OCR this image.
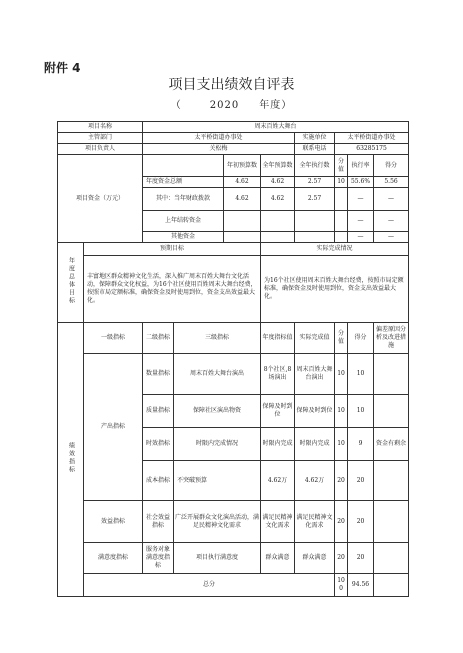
附件 4
项目支出绩效自评表
（	2020 年度）
项目名称		周末百姓大舞台							
主管部门		太平桥街道办事处				实施单位	太平桥街道办事处		
项目负责人		关松梅				联系电话	63285175		
项目资金（万元）				年初预算数	全年预算数	全年执行数	分值	执行率	得分
		年度资金总额		4.62	4.62	2.57	10	55.6%	5.56
		其中：当年财政拨款		4.62	4.62	2.57		—	—
		上年结转资金						—	—
		其他资金						—	—
年度总体目标	预期目标				实际完成情况				
	丰富地区群众精神文化生活，深入推广周末百姓大舞台文化活动，保障群众文化权益，为16个社区使用百姓周末大舞台经费，按照市局定额标准，确保资金及时使用到位，资金支出效益最大化。				为16个社区使用周末百姓大舞台经费，按照市局定额标准，确保资金及时使用到位，资金支出效益最大化。				
绩效指标	一级指标	二级指标	三级指标		年度指标值	实际完成值	分值	得分	偏差原因分析及改进措施
	产出指标	数量指标	周末百姓大舞台演出		8个社区,8场演出	周末百姓大舞台演出	10	10	
		质量指标	保障社区演出物资		保障及时到位	保障及时到位	10	10	
		时效指标	时限内完成情况		时限内完成	时限内完成	10	9	资金有剩余
		成本指标	不突破预算		4.62万	4.62万	20	20	
	效益指标	社会效益指标	广泛开展群众文化演出活动，满足民精神文化需求		满足民精神文化需求	满足民精神文化需求	20	20	
	满意度指标	服务对象满意度指标	项目执行满意度		群众满意	群众满意	20	20	
	总分						100	94.56	
